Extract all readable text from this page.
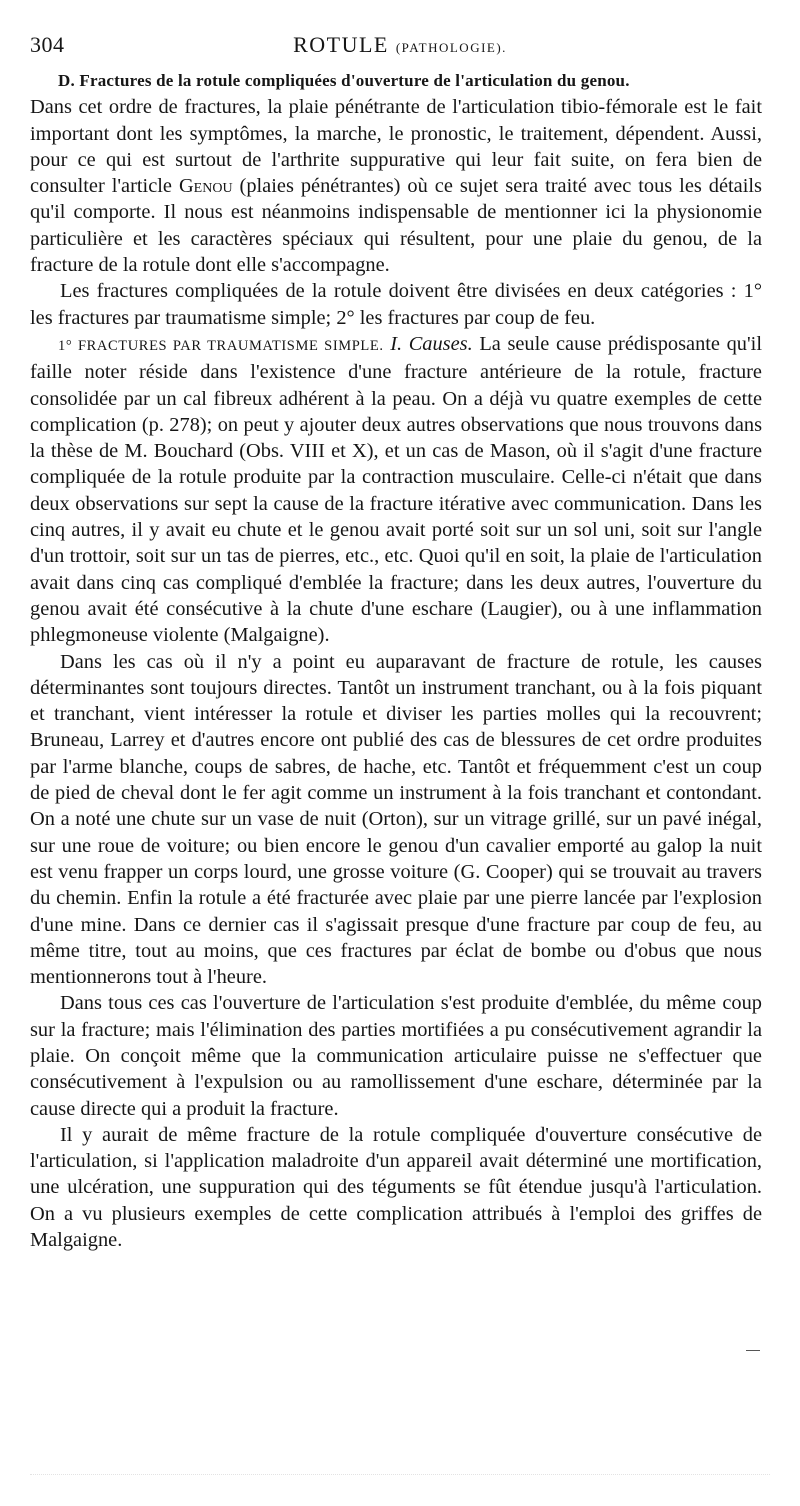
304	ROTULE (PATHOLOGIE).

D. Fractures de la rotule compliquées d'ouverture de l'articulation du genou.
Dans cet ordre de fractures, la plaie pénétrante de l'articulation tibio-fémorale est le fait important dont les symptômes, la marche, le pronostic, le traitement, dépendent. Aussi, pour ce qui est surtout de l'arthrite suppurative qui leur fait suite, on fera bien de consulter l'article Genou (plaies pénétrantes) où ce sujet sera traité avec tous les détails qu'il comporte. Il nous est néanmoins indispensable de mentionner ici la physionomie particulière et les caractères spéciaux qui résultent, pour une plaie du genou, de la fracture de la rotule dont elle s'accompagne.

Les fractures compliquées de la rotule doivent être divisées en deux catégories : 1° les fractures par traumatisme simple; 2° les fractures par coup de feu.

1° FRACTURES PAR TRAUMATISME SIMPLE. I. Causes. La seule cause prédisposante qu'il faille noter réside dans l'existence d'une fracture antérieure de la rotule, fracture consolidée par un cal fibreux adhérent à la peau. On a déjà vu quatre exemples de cette complication (p. 278); on peut y ajouter deux autres observations que nous trouvons dans la thèse de M. Bouchard (Obs. VIII et X), et un cas de Mason, où il s'agit d'une fracture compliquée de la rotule produite par la contraction musculaire. Celle-ci n'était que dans deux observations sur sept la cause de la fracture itérative avec communication. Dans les cinq autres, il y avait eu chute et le genou avait porté soit sur un sol uni, soit sur l'angle d'un trottoir, soit sur un tas de pierres, etc., etc. Quoi qu'il en soit, la plaie de l'articulation avait dans cinq cas compliqué d'emblée la fracture; dans les deux autres, l'ouverture du genou avait été consécutive à la chute d'une eschare (Laugier), ou à une inflammation phlegmoneuse violente (Malgaigne).

Dans les cas où il n'y a point eu auparavant de fracture de rotule, les causes déterminantes sont toujours directes. Tantôt un instrument tranchant, ou à la fois piquant et tranchant, vient intéresser la rotule et diviser les parties molles qui la recouvrent; Bruneau, Larrey et d'autres encore ont publié des cas de blessures de cet ordre produites par l'arme blanche, coups de sabres, de hache, etc. Tantôt et fréquemment c'est un coup de pied de cheval dont le fer agit comme un instrument à la fois tranchant et contondant. On a noté une chute sur un vase de nuit (Orton), sur un vitrage grillé, sur un pavé inégal, sur une roue de voiture; ou bien encore le genou d'un cavalier emporté au galop la nuit est venu frapper un corps lourd, une grosse voiture (G. Cooper) qui se trouvait au travers du chemin. Enfin la rotule a été fracturée avec plaie par une pierre lancée par l'explosion d'une mine. Dans ce dernier cas il s'agissait presque d'une fracture par coup de feu, au même titre, tout au moins, que ces fractures par éclat de bombe ou d'obus que nous mentionnerons tout à l'heure.

Dans tous ces cas l'ouverture de l'articulation s'est produite d'emblée, du même coup sur la fracture; mais l'élimination des parties mortifiées a pu consécutivement agrandir la plaie. On conçoit même que la communication articulaire puisse ne s'effectuer que consécutivement à l'expulsion ou au ramollissement d'une eschare, déterminée par la cause directe qui a produit la fracture.

Il y aurait de même fracture de la rotule compliquée d'ouverture consécutive de l'articulation, si l'application maladroite d'un appareil avait déterminé une mortification, une ulcération, une suppuration qui des téguments se fût étendue jusqu'à l'articulation. On a vu plusieurs exemples de cette complication attribués à l'emploi des griffes de Malgaigne.
